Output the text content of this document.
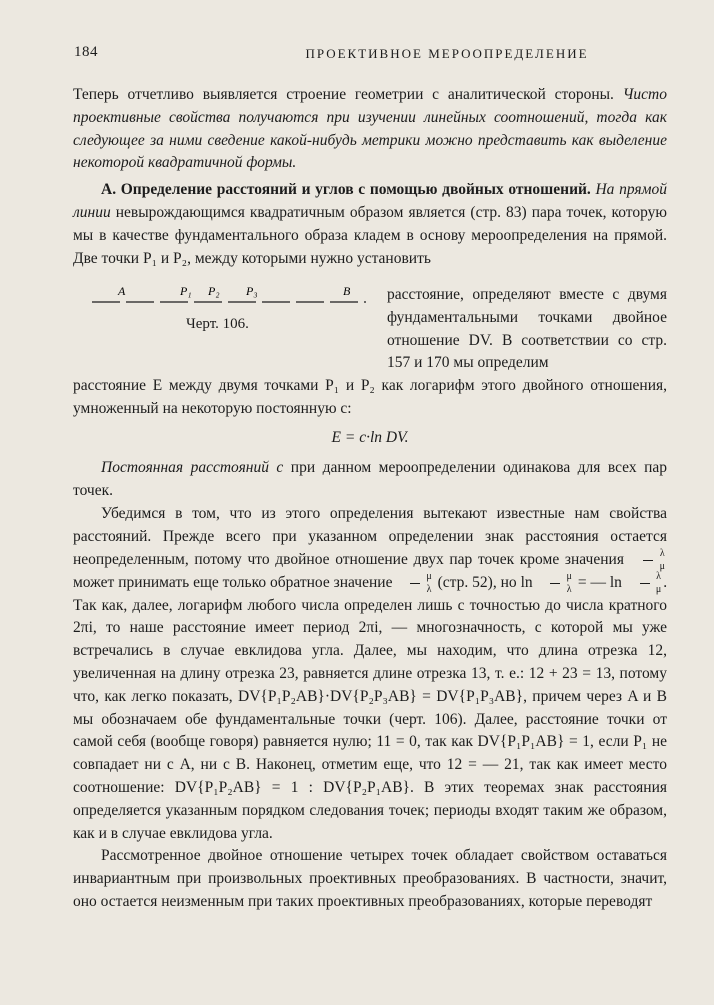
184	ПРОЕКТИВНОЕ МЕРООПРЕДЕЛЕНИЕ

Теперь отчетливо выявляется строение геометрии с аналитической стороны. Чисто проективные свойства получаются при изучении линейных соотношений, тогда как следующее за ними сведение какой-нибудь метрики можно представить как выделение некоторой квадратичной формы.

А. Определение расстояний и углов с помощью двойных отношений. На прямой линии невырождающимся квадратичным образом является (стр. 83) пара точек, которую мы в качестве фундаментального образа кладем в основу мероопределения на прямой. Две точки P₁ и P₂, между которыми нужно установить

A	P₁ P₂ P₃	B
Черт. 106.
расстояние, определяют вместе с двумя фундаментальными точками двойное отношение DV. В соответствии со стр. 157 и 170 мы определим

расстояние E между двумя точками P₁ и P₂ как логарифм этого двойного отношения, умноженный на некоторую постоянную c:

E = c·ln DV.

Постоянная расстояний c при данном мероопределении одинакова для всех пар точек.

Убедимся в том, что из этого определения вытекают известные нам свойства расстояний. Прежде всего при указанном определении знак расстояния остается неопределенным, потому что двойное отношение двух пар точек кроме значения $\frac{\lambda}{\mu}$
может принимать еще только обратное значение $\frac{\mu}{\lambda} (стр$. 52), но $\ln \frac{\mu}{\lambda}$ = — $\ln \frac{\lambda}{\mu}$ . Так как, далее, логарифм любого числа определен лишь с точностью до числа кратного 2πi, то наше расстояние имеет период 2πi, — многозначность, с которой мы уже встречались в случае евклидова угла. Далее, мы находим, что длина отрезка 12, увеличенная на длину отрезка 23, равняется длине отрезка 13, т. е.: 12 + 23 = 13, потому что, как легко показать, DV{P₁P₂AB}·DV{P₂P₃AB} = DV{P₁P₃AB}, причем через A и B мы обозначаем обе фундаментальные точки (черт. 106). Далее, расстояние точки от самой себя (вообще говоря) равняется нулю; 11 = 0, так как DV{P₁P₁AB} = 1, если P₁ не совпадает ни с A, ни с B. Наконец, отметим еще, что 12 = — 21, так как имеет место соотношение: DV{P₁P₂AB} = 1 : DV{P₂P₁AB}. В этих теоремах знак расстояния определяется указанным порядком следования точек; периоды входят таким же образом, как и в случае евклидова угла.

Рассмотренное двойное отношение четырех точек обладает свойством оставаться инвариантным при произвольных проективных преобразованиях. В частности, значит, оно остается неизменным при таких проективных преобразованиях, которые переводят
